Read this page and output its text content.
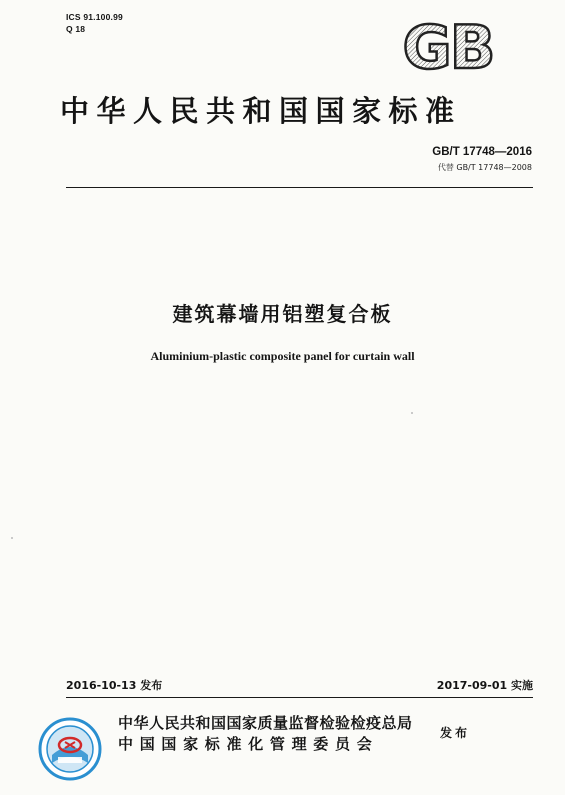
ICS 91.100.99
Q 18	GB
中华人民共和国国家标准
GB/T 17748—2016
代替 GB/T 17748—2008
建筑幕墙用铝塑复合板
Aluminium-plastic composite panel for curtain wall
2016-10-13 发布	2017-09-01 实施
中华人民共和国国家质量监督检验检疫总局
中国国家标准化管理委员会
发布
